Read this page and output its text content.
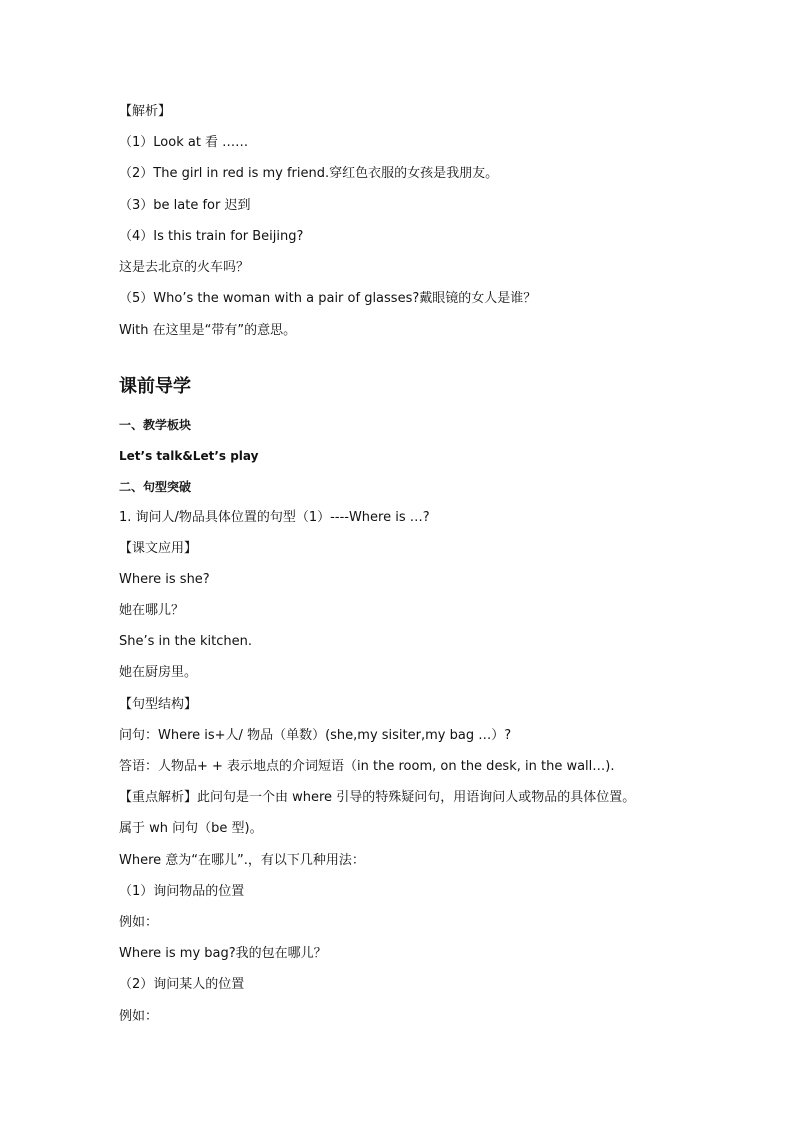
【解析】
（1）Look at 看 ……
（2）The girl in red is my friend.穿红色衣服的女孩是我朋友。
（3）be late for 迟到
（4）Is this train for Beijing?
这是去北京的火车吗？
（5）Who’s the woman with a pair of glasses?戴眼镜的女人是谁？
With 在这里是“带有”的意思。
课前导学
一、教学板块
Let’s talk&Let’s play
二、句型突破
1. 询问人/物品具体位置的句型（1）----Where is …?
【课文应用】
Where is she?
她在哪儿？
She’s in the kitchen.
她在厨房里。
【句型结构】
问句：Where is+人/ 物品（单数）(she,my sisiter,my bag …）?
答语：人物品+ + 表示地点的介词短语（in the room, on the desk, in the wall…).
【重点解析】此问句是一个由 where 引导的特殊疑问句，用语询问人或物品的具体位置。
属于 wh 问句（be 型)。
Where 意为“在哪儿”.，有以下几种用法：
（1）询问物品的位置
例如：
Where is my bag?我的包在哪儿？
（2）询问某人的位置
例如：
